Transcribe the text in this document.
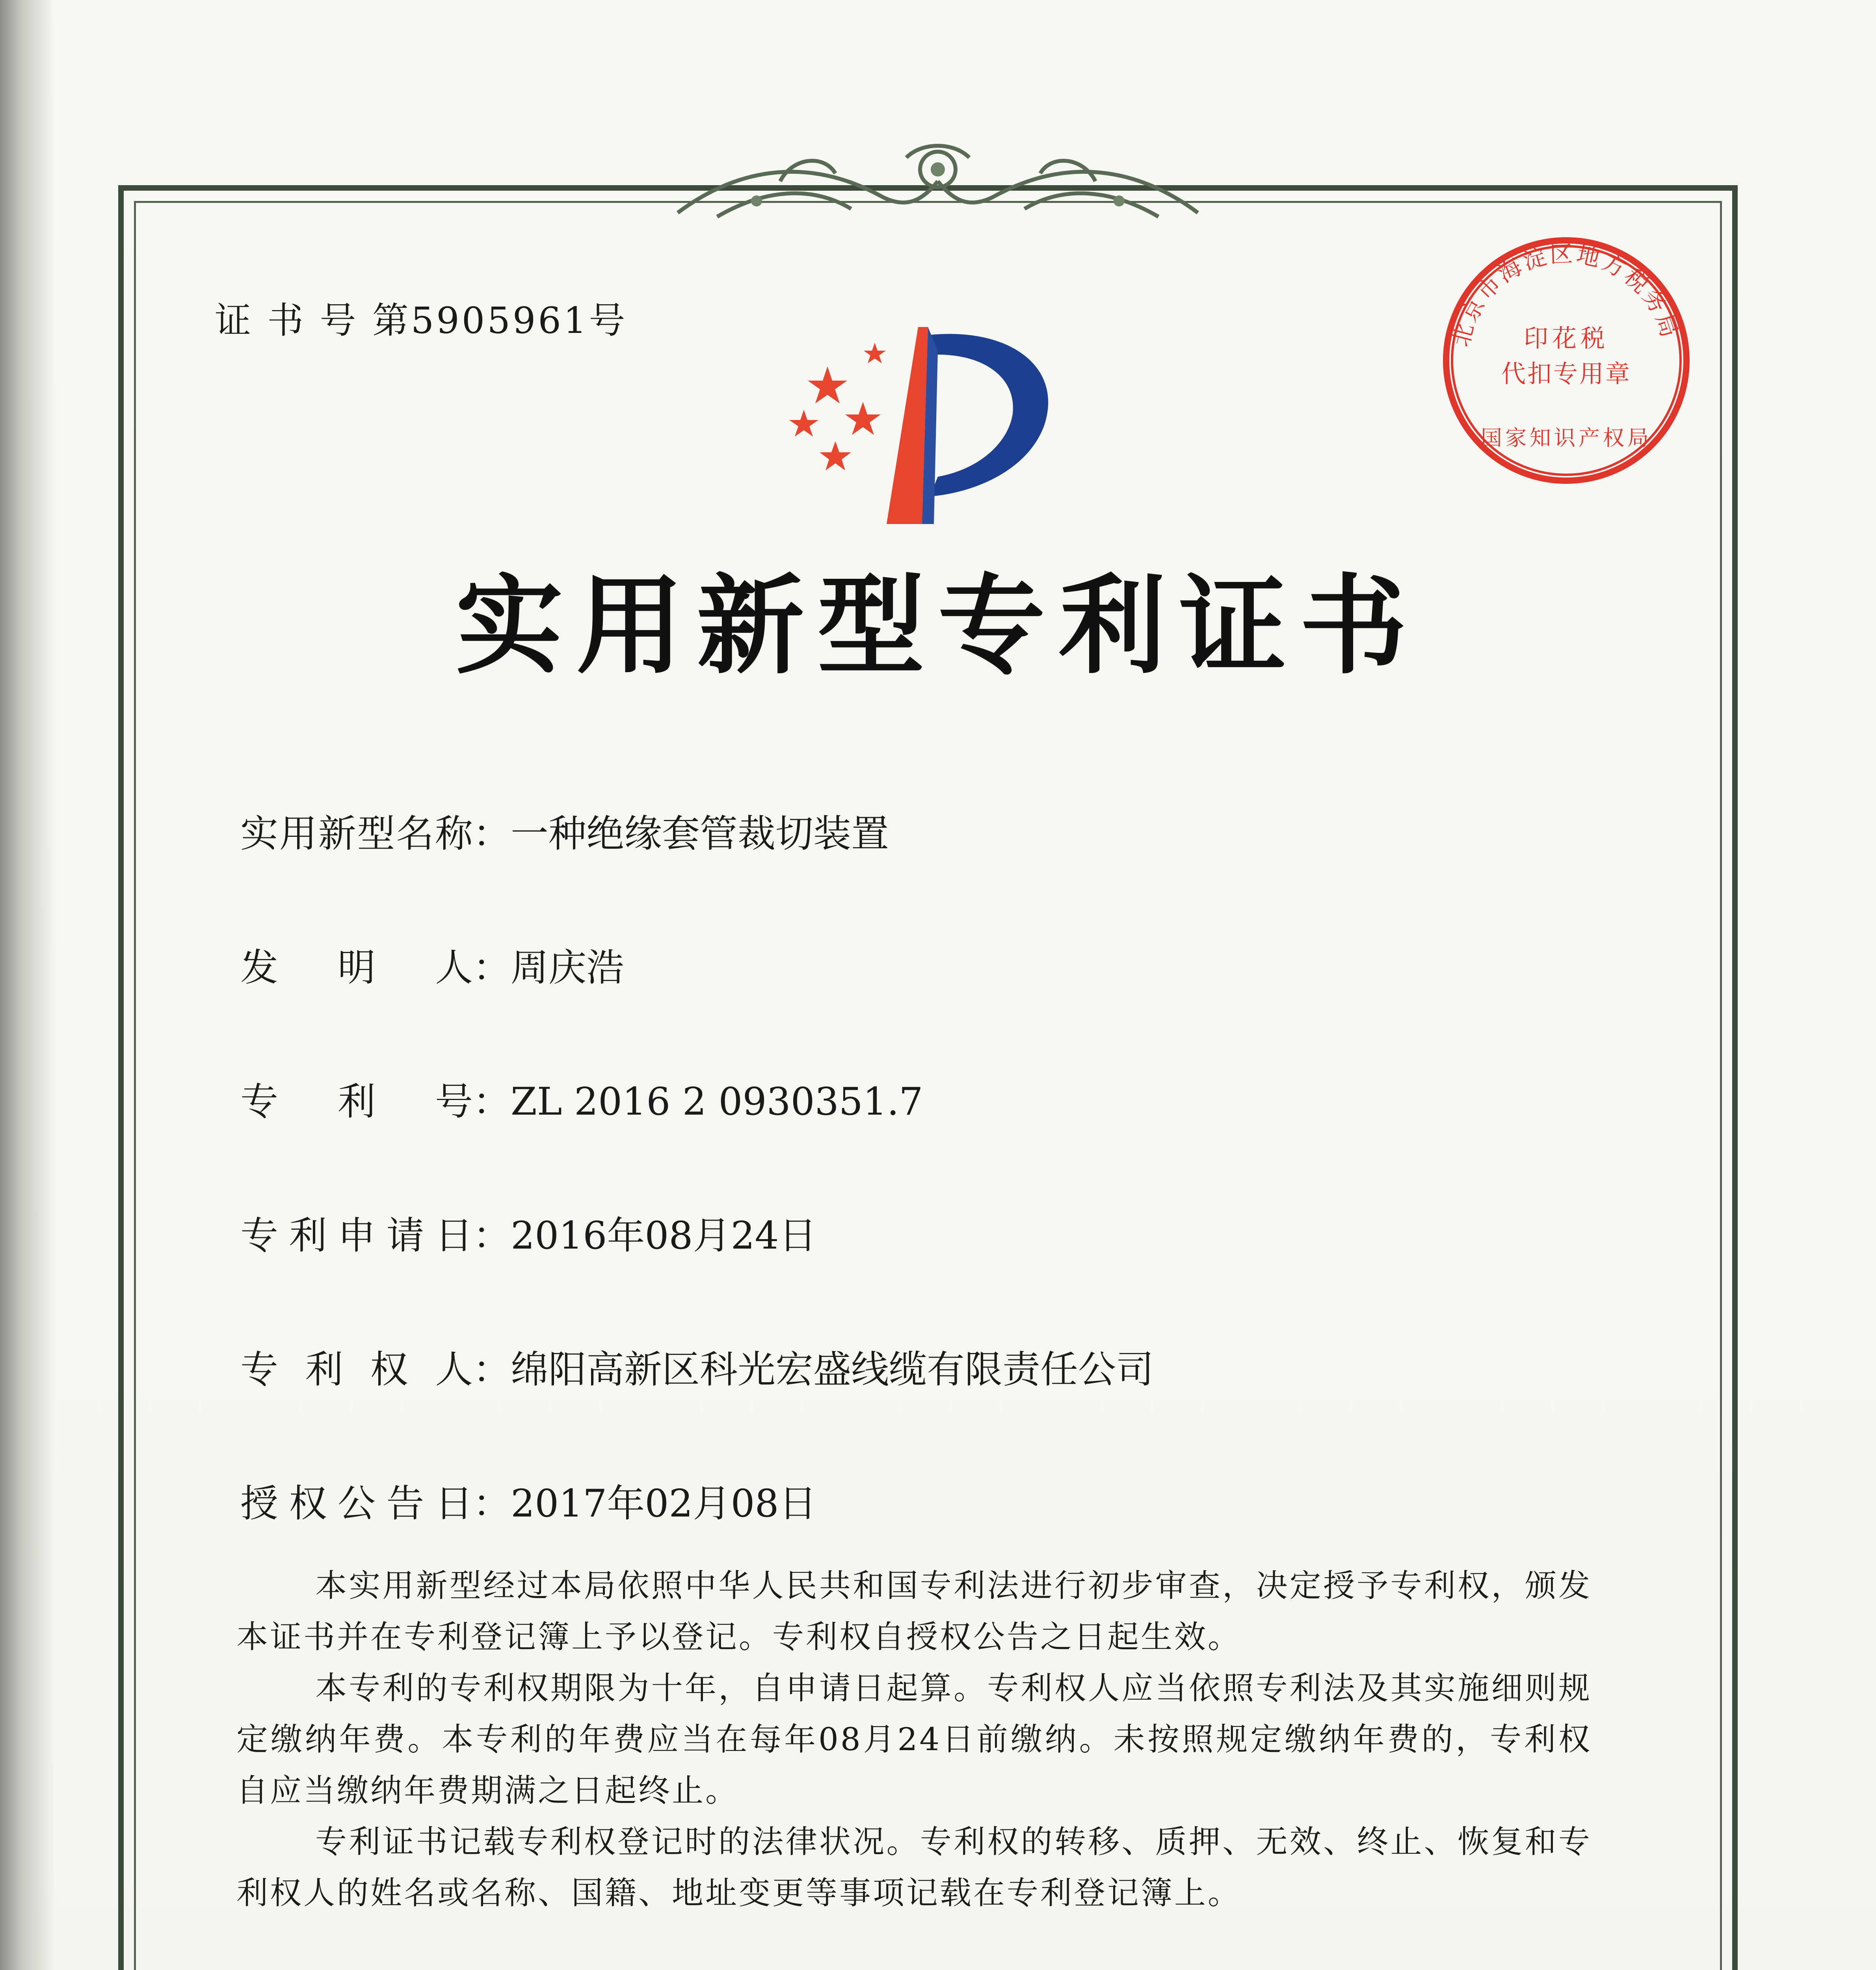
证 书 号 第5905961号
实用新型专利证书
实用新型名称：一种绝缘套管裁切装置
发明人：周庆浩
专利号：ZL 2016 2 0930351.7
专利申请日：2016年08月24日
专利权人：绵阳高新区科光宏盛线缆有限责任公司
授权公告日：2017年02月08日
本实用新型经过本局依照中华人民共和国专利法进行初步审查，决定授予专利权，颁发本证书并在专利登记簿上予以登记。专利权自授权公告之日起生效。
本专利的专利权期限为十年，自申请日起算。专利权人应当依照专利法及其实施细则规定缴纳年费。本专利的年费应当在每年08月24日前缴纳。未按照规定缴纳年费的，专利权自应当缴纳年费期满之日起终止。
专利证书记载专利权登记时的法律状况。专利权的转移、质押、无效、终止、恢复和专利权人的姓名或名称、国籍、地址变更等事项记载在专利登记簿上。
北京市海淀区地方税务局
印花税
代扣专用章
国家知识产权局
